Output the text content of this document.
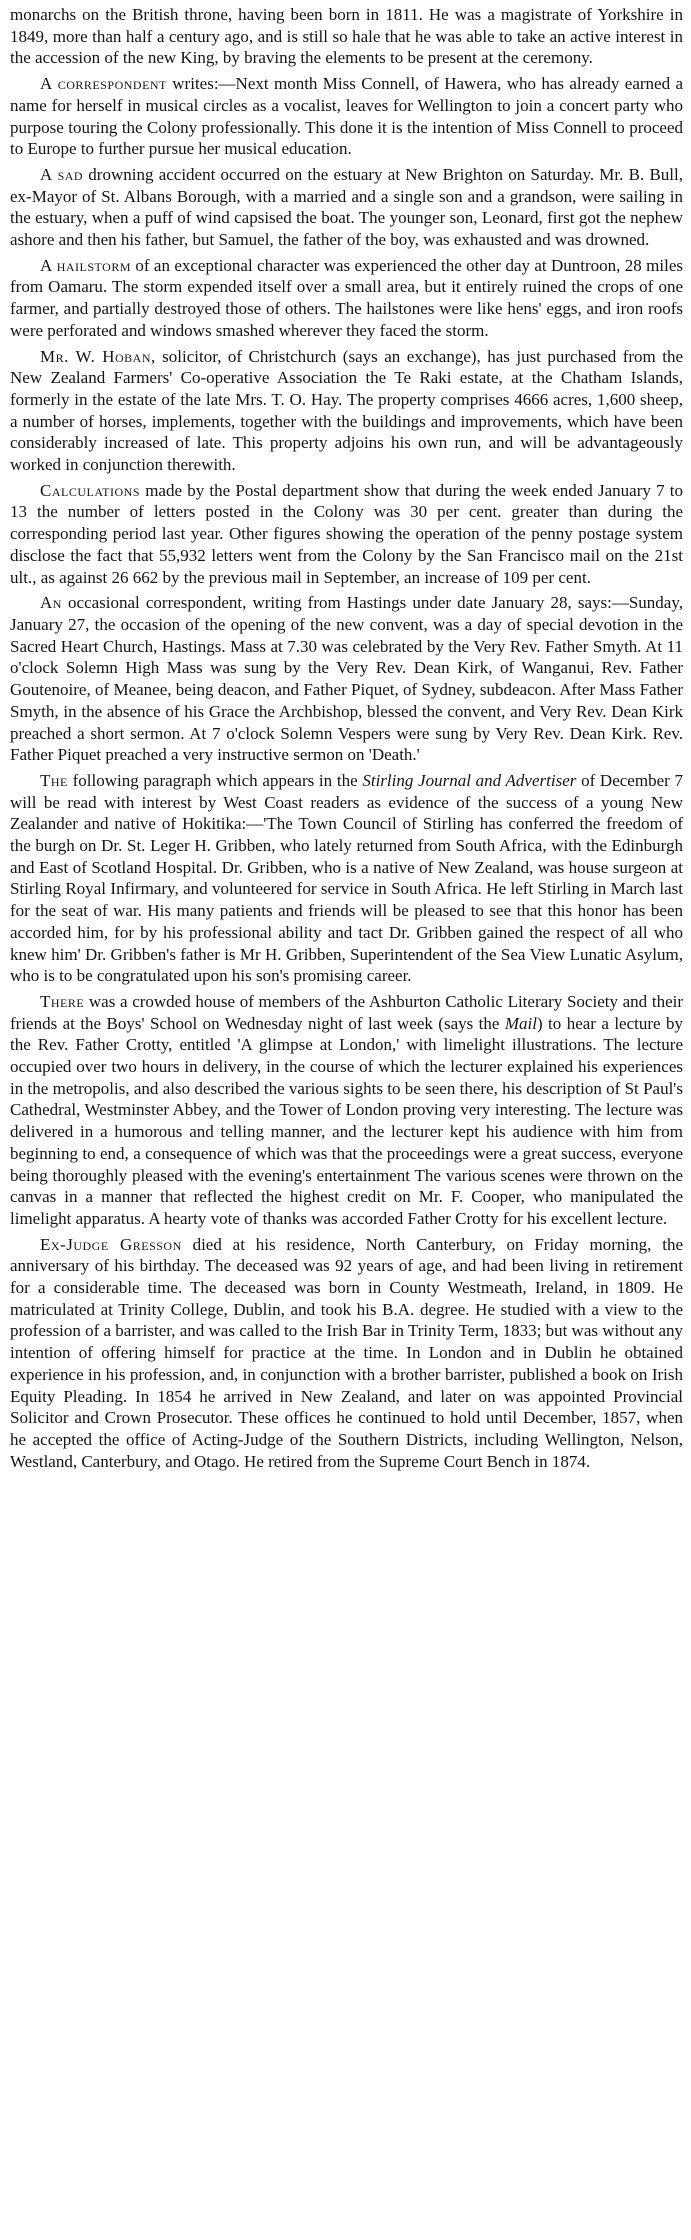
monarchs on the British throne, having been born in 1811. He was a magistrate of Yorkshire in 1849, more than half a century ago, and is still so hale that he was able to take an active interest in the accession of the new King, by braving the elements to be present at the ceremony.

A correspondent writes:—Next month Miss Connell, of Hawera, who has already earned a name for herself in musical circles as a vocalist, leaves for Wellington to join a concert party who purpose touring the Colony professionally. This done it is the intention of Miss Connell to proceed to Europe to further pursue her musical education.

A sad drowning accident occurred on the estuary at New Brighton on Saturday. Mr. B. Bull, ex-Mayor of St. Albans Borough, with a married and a single son and a grandson, were sailing in the estuary, when a puff of wind capsised the boat. The younger son, Leonard, first got the nephew ashore and then his father, but Samuel, the father of the boy, was exhausted and was drowned.

A hailstorm of an exceptional character was experienced the other day at Duntroon, 28 miles from Oamaru. The storm expended itself over a small area, but it entirely ruined the crops of one farmer, and partially destroyed those of others. The hailstones were like hens' eggs, and iron roofs were perforated and windows smashed wherever they faced the storm.

Mr. W. Hoban, solicitor, of Christchurch (says an exchange), has just purchased from the New Zealand Farmers' Co-operative Association the Te Raki estate, at the Chatham Islands, formerly in the estate of the late Mrs. T. O. Hay. The property comprises 4666 acres, 1,600 sheep, a number of horses, implements, together with the buildings and improvements, which have been considerably increased of late. This property adjoins his own run, and will be advantageously worked in conjunction therewith.

Calculations made by the Postal department show that during the week ended January 7 to 13 the number of letters posted in the Colony was 30 per cent. greater than during the corresponding period last year. Other figures showing the operation of the penny postage system disclose the fact that 55,932 letters went from the Colony by the San Francisco mail on the 21st ult., as against 26 662 by the previous mail in September, an increase of 109 per cent.

An occasional correspondent, writing from Hastings under date January 28, says:—Sunday, January 27, the occasion of the opening of the new convent, was a day of special devotion in the Sacred Heart Church, Hastings. Mass at 7.30 was celebrated by the Very Rev. Father Smyth. At 11 o'clock Solemn High Mass was sung by the Very Rev. Dean Kirk, of Wanganui, Rev. Father Goutenoire, of Meanee, being deacon, and Father Piquet, of Sydney, subdeacon. After Mass Father Smyth, in the absence of his Grace the Archbishop, blessed the convent, and Very Rev. Dean Kirk preached a short sermon. At 7 o'clock Solemn Vespers were sung by Very Rev. Dean Kirk. Rev. Father Piquet preached a very instructive sermon on 'Death.'

The following paragraph which appears in the Stirling Journal and Advertiser of December 7 will be read with interest by West Coast readers as evidence of the success of a young New Zealander and native of Hokitika:—'The Town Council of Stirling has conferred the freedom of the burgh on Dr. St. Leger H. Gribben, who lately returned from South Africa, with the Edinburgh and East of Scotland Hospital. Dr. Gribben, who is a native of New Zealand, was house surgeon at Stirling Royal Infirmary, and volunteered for service in South Africa. He left Stirling in March last for the seat of war. His many patients and friends will be pleased to see that this honor has been accorded him, for by his professional ability and tact Dr. Gribben gained the respect of all who knew him' Dr. Gribben's father is Mr H. Gribben, Superintendent of the Sea View Lunatic Asylum, who is to be congratulated upon his son's promising career.

There was a crowded house of members of the Ashburton Catholic Literary Society and their friends at the Boys' School on Wednesday night of last week (says the Mail) to hear a lecture by the Rev. Father Crotty, entitled 'A glimpse at London,' with limelight illustrations. The lecture occupied over two hours in delivery, in the course of which the lecturer explained his experiences in the metropolis, and also described the various sights to be seen there, his description of St Paul's Cathedral, Westminster Abbey, and the Tower of London proving very interesting. The lecture was delivered in a humorous and telling manner, and the lecturer kept his audience with him from beginning to end, a consequence of which was that the proceedings were a great success, everyone being thoroughly pleased with the evening's entertainment The various scenes were thrown on the canvas in a manner that reflected the highest credit on Mr. F. Cooper, who manipulated the limelight apparatus. A hearty vote of thanks was accorded Father Crotty for his excellent lecture.

Ex-Judge Gresson died at his residence, North Canterbury, on Friday morning, the anniversary of his birthday. The deceased was 92 years of age, and had been living in retirement for a considerable time. The deceased was born in County Westmeath, Ireland, in 1809. He matriculated at Trinity College, Dublin, and took his B.A. degree. He studied with a view to the profession of a barrister, and was called to the Irish Bar in Trinity Term, 1833; but was without any intention of offering himself for practice at the time. In London and in Dublin he obtained experience in his profession, and, in conjunction with a brother barrister, published a book on Irish Equity Pleading. In 1854 he arrived in New Zealand, and later on was appointed Provincial Solicitor and Crown Prosecutor. These offices he continued to hold until December, 1857, when he accepted the office of Acting-Judge of the Southern Districts, including Wellington, Nelson, Westland, Canterbury, and Otago. He retired from the Supreme Court Bench in 1874.
